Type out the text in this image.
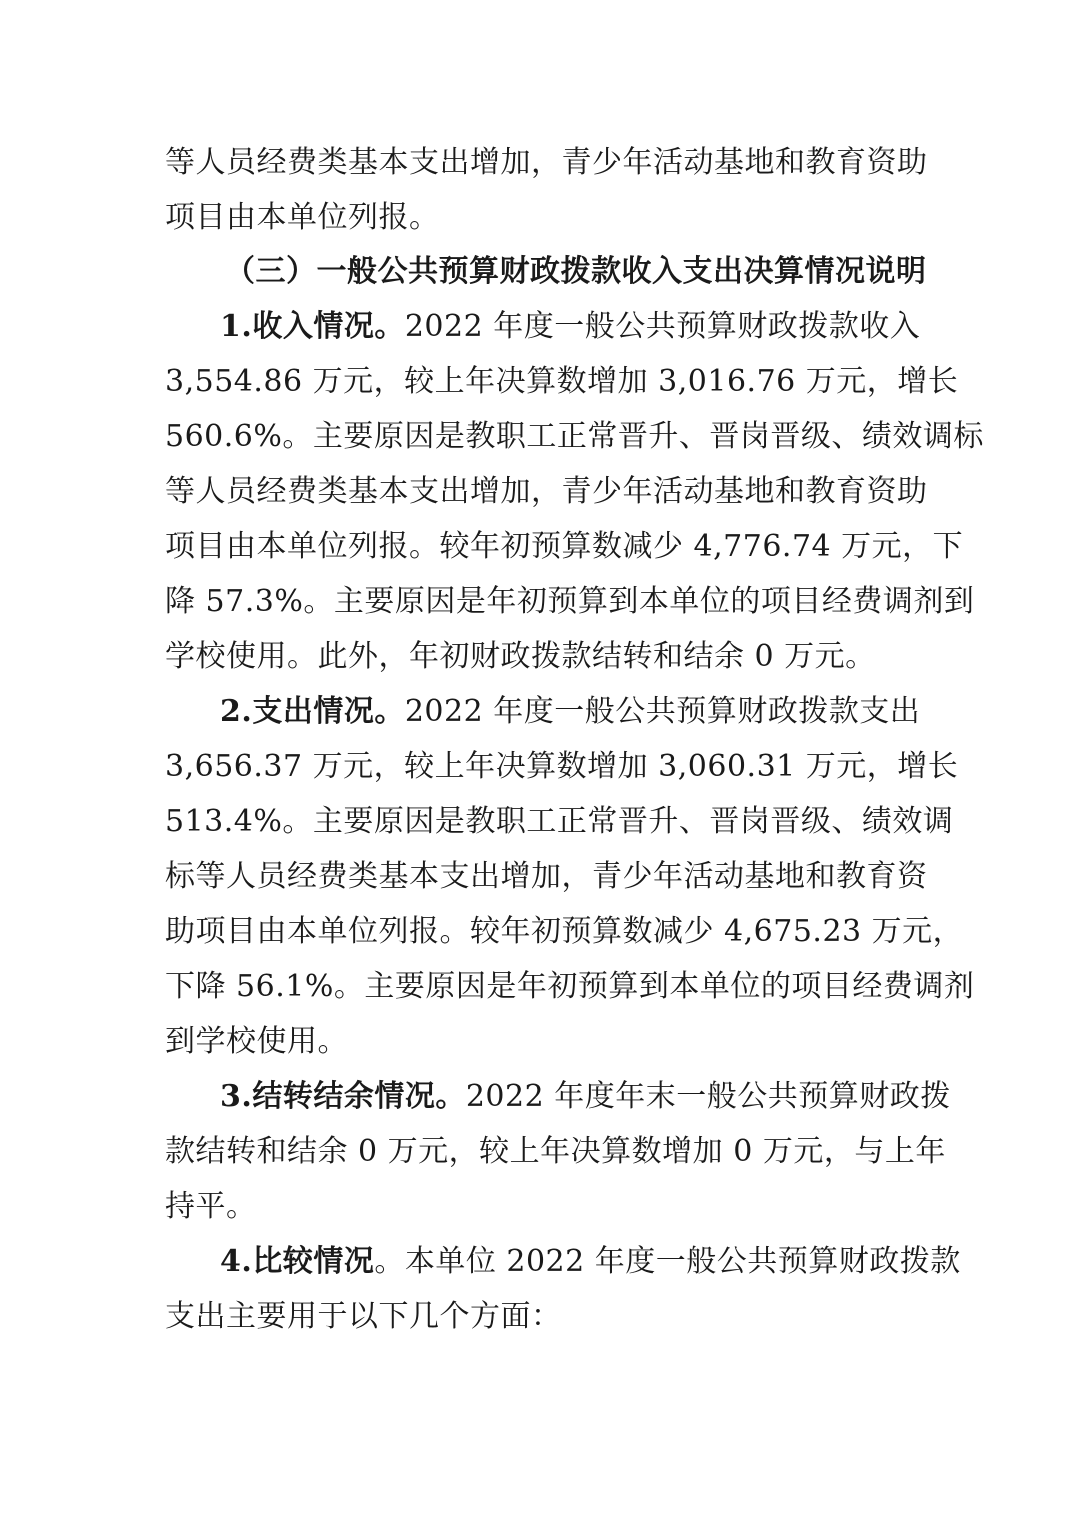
等人员经费类基本支出增加，青少年活动基地和教育资助
项目由本单位列报。
（三）一般公共预算财政拨款收入支出决算情况说明
1.收入情况。2022 年度一般公共预算财政拨款收入
3,554.86 万元，较上年决算数增加 3,016.76 万元，增长
560.6%。主要原因是教职工正常晋升、晋岗晋级、绩效调标
等人员经费类基本支出增加，青少年活动基地和教育资助
项目由本单位列报。较年初预算数减少 4,776.74 万元，下
降 57.3%。主要原因是年初预算到本单位的项目经费调剂到
学校使用。此外，年初财政拨款结转和结余 0 万元。
2.支出情况。2022 年度一般公共预算财政拨款支出
3,656.37 万元，较上年决算数增加 3,060.31 万元，增长
513.4%。主要原因是教职工正常晋升、晋岗晋级、绩效调
标等人员经费类基本支出增加，青少年活动基地和教育资
助项目由本单位列报。较年初预算数减少 4,675.23 万元，
下降 56.1%。主要原因是年初预算到本单位的项目经费调剂
到学校使用。
3.结转结余情况。2022 年度年末一般公共预算财政拨
款结转和结余 0 万元，较上年决算数增加 0 万元，与上年
持平。
4.比较情况。本单位 2022 年度一般公共预算财政拨款
支出主要用于以下几个方面：
